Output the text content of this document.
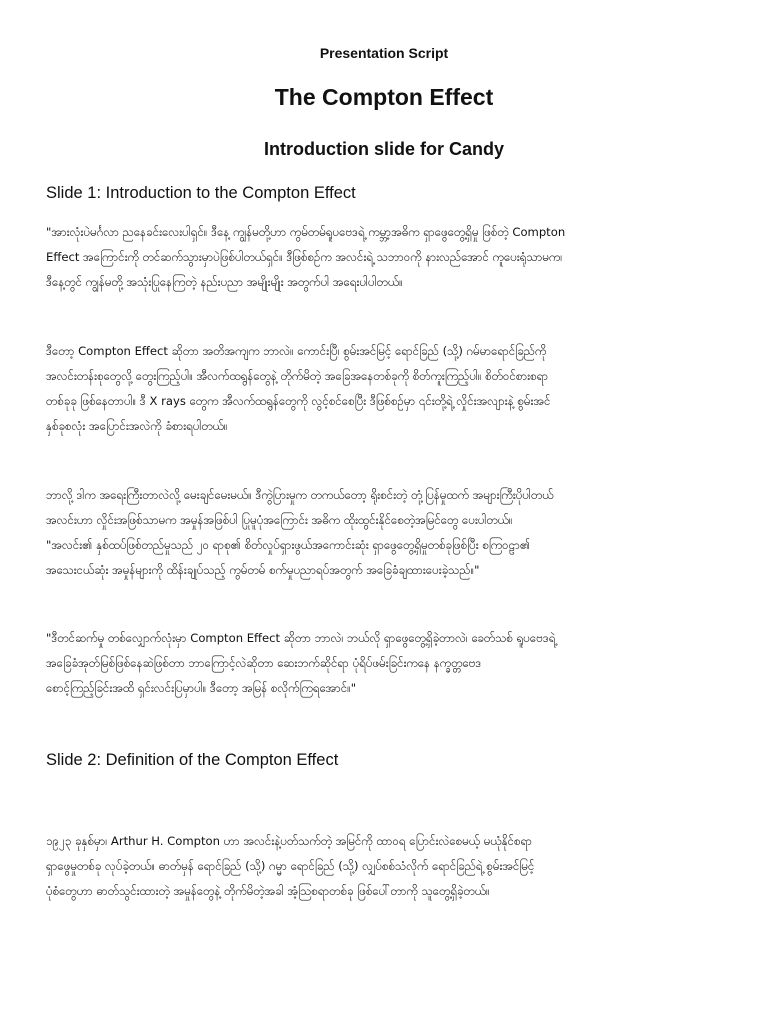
Presentation Script
The Compton Effect
Introduction slide for Candy
Slide 1: Introduction to the Compton Effect
"အားလုံးပဲမင်္ဂလာ ညနေခင်းလေးပါရှင်။ ဒီနေ့ ကျွန်မတို့ဟာ ကွမ်တမ်ရူပဗေဒရဲ့ ကမ္ဘာ့အဓိက ရှာဖွေတွေ့ရှိမှု ဖြစ်တဲ့ Compton
Effect အကြောင်းကို တင်ဆက်သွားမှာပဲဖြစ်ပါတယ်ရှင်။ ဒီဖြစ်စဉ်က အလင်းရဲ့ သဘာဝကို နားလည်အောင် ကူပေးရုံသာမက၊
ဒီနေ့တွင် ကျွန်မတို့ အသုံးပြုနေကြတဲ့ နည်းပညာ အမျိုးမျိုး အတွက်ပါ အရေးပါပါတယ်။
ဒီတော့ Compton Effect ဆိုတာ အတိအကျက ဘာလဲ။ ကောင်းပြီ၊ စွမ်းအင်မြင့် ရောင်ခြည် (သို့) ဂမ်မာရောင်ခြည်ကို
အလင်းတန်းစုတွေလို့ တွေးကြည့်ပါ။ အီလက်ထရွန်တွေနဲ့ တိုက်မိတဲ့ အခြေအနေတစ်ခုကို စိတ်ကူးကြည့်ပါ။ စိတ်ဝင်စားစရာ
တစ်ခုခု ဖြစ်နေတာပါ။ ဒီ X rays တွေက အီလက်ထရွန်တွေကို လွင့်စင်စေပြီး ဒီဖြစ်စဉ်မှာ ၎င်းတို့ရဲ့ လှိုင်းအလျားနဲ့ စွမ်းအင်
နှစ်ခုစလုံး အပြောင်းအလဲကို ခံစားရပါတယ်။
ဘာလို့ ဒါက အရေးကြီးတာလဲလို့ မေးချင်မေးမယ်။ ဒီကွဲပြားမှုက တကယ်တော့ ရိုးစင်းတဲ့ တုံ့ပြန်မှုထက် အများကြီးပိုပါတယ်
အလင်းဟာ လှိုင်းအဖြစ်သာမက အမှုန်အဖြစ်ပါ ပြုမူပုံအကြောင်း အဓိက ထိုးထွင်းနိုင်စေတဲ့အမြင်တွေ ပေးပါတယ်။
"အလင်း၏ နှစ်ထပ်ဖြစ်တည်မှုသည် ၂၀ ရာစု၏ စိတ်လှုပ်ရှားဖွယ်အကောင်းဆုံး ရှာဖွေတွေ့ရှိမှုတစ်ခုဖြစ်ပြီး စကြဝဠာ၏
အသေးငယ်ဆုံး အမှုန်များကို ထိန်းချုပ်သည့် ကွမ်တမ် စက်မှုပညာရပ်အတွက် အခြေခံချထားပေးခဲ့သည်။"
"ဒီတင်ဆက်မှု တစ်လျှောက်လုံးမှာ Compton Effect ဆိုတာ ဘာလဲ၊ ဘယ်လို ရှာဖွေတွေ့ရှိခဲ့တာလဲ၊ ခေတ်သစ် ရူပဗေဒရဲ့
အခြေခံအုတ်မြစ်ဖြစ်နေဆဲဖြစ်တာ ဘာကြောင့်လဲဆိုတာ ဆေးဘက်ဆိုင်ရာ ပုံရိပ်ဖမ်းခြင်းကနေ နက္ခတ္တဗေဒ
စောင့်ကြည့်ခြင်းအထိ ရှင်းလင်းပြမှာပါ။ ဒီတော့ အမြန် စလိုက်ကြရအောင်။"
Slide 2: Definition of the Compton Effect
၁၉၂၃ ခုနှစ်မှာ၊ Arthur H. Compton ဟာ အလင်းနဲ့ပတ်သက်တဲ့ အမြင်ကို ထာဝရ ပြောင်းလဲစေမယ့် မယုံနိုင်စရာ
ရှာဖွေမှုတစ်ခု လုပ်ခဲ့တယ်။ ဓာတ်မှန် ရောင်ခြည် (သို့) ဂမ္မာ ရောင်ခြည် (သို့) လျှပ်စစ်သံလိုက် ရောင်ခြည်ရဲ့ စွမ်းအင်မြင့်
ပုံစံတွေဟာ ဓာတ်သွင်းထားတဲ့ အမှုန်တွေနဲ့ တိုက်မိတဲ့အခါ အံ့ဩစရာတစ်ခု ဖြစ်ပေါ်တာကို သူတွေ့ရှိခဲ့တယ်။
